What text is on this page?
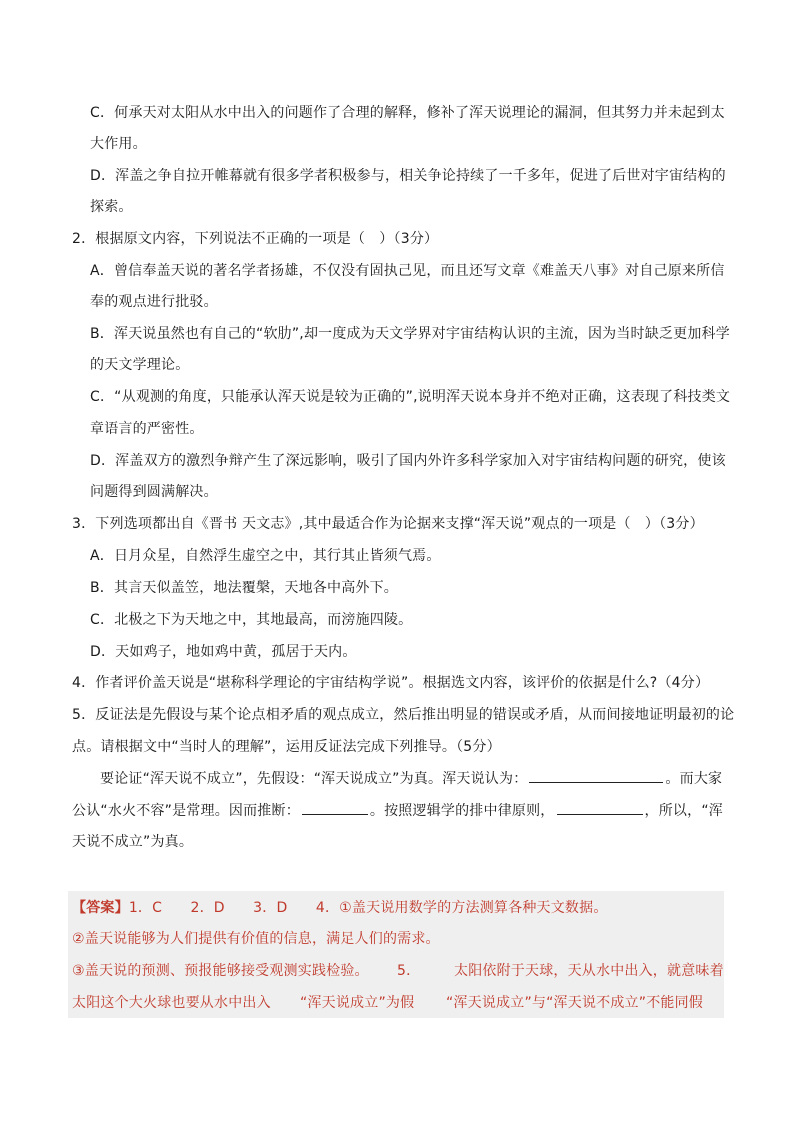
C．何承天对太阳从水中出入的问题作了合理的解释，修补了浑天说理论的漏洞，但其努力并未起到太
大作用。
D．浑盖之争自拉开帷幕就有很多学者积极参与，相关争论持续了一千多年，促进了后世对宇宙结构的
探索。
2．根据原文内容，下列说法不正确的一项是（　）（3分）
A．曾信奉盖天说的著名学者扬雄，不仅没有固执己见，而且还写文章《难盖天八事》对自己原来所信
奉的观点进行批驳。
B．浑天说虽然也有自己的“软肋”,却一度成为天文学界对宇宙结构认识的主流，因为当时缺乏更加科学
的天文学理论。
C．“从观测的角度，只能承认浑天说是较为正确的”,说明浑天说本身并不绝对正确，这表现了科技类文
章语言的严密性。
D．浑盖双方的激烈争辩产生了深远影响，吸引了国内外许多科学家加入对宇宙结构问题的研究，使该
问题得到圆满解决。
3．下列选项都出自《晋书 天文志》,其中最适合作为论据来支撑“浑天说”观点的一项是（　）（3分）
A．日月众星，自然浮生虚空之中，其行其止皆须气焉。
B．其言天似盖笠，地法覆槃，天地各中高外下。
C．北极之下为天地之中，其地最高，而滂施四陵。
D．天如鸡子，地如鸡中黄，孤居于天内。
4．作者评价盖天说是“堪称科学理论的宇宙结构学说”。根据选文内容，该评价的依据是什么?（4分）
5．反证法是先假设与某个论点相矛盾的观点成立，然后推出明显的错误或矛盾，从而间接地证明最初的论
点。请根据文中“当时人的理解”，运用反证法完成下列推导。（5分）
要论证“浑天说不成立”，先假设：“浑天说成立”为真。浑天说认为：	。而大家
公认“水火不容”是常理。因而推断：	。按照逻辑学的排中律原则，	，所以，“浑
天说不成立”为真。
【答案】1．C　　2．D　　3．D　　4．①盖天说用数学的方法测算各种天文数据。
②盖天说能够为人们提供有价值的信息，满足人们的需求。
③盖天说的预测、预报能够接受观测实践检验。 5． 太阳依附于天球，天从水中出入，就意味着
太阳这个大火球也要从水中出入 “浑天说成立”为假 “浑天说成立”与“浑天说不成立”不能同假
